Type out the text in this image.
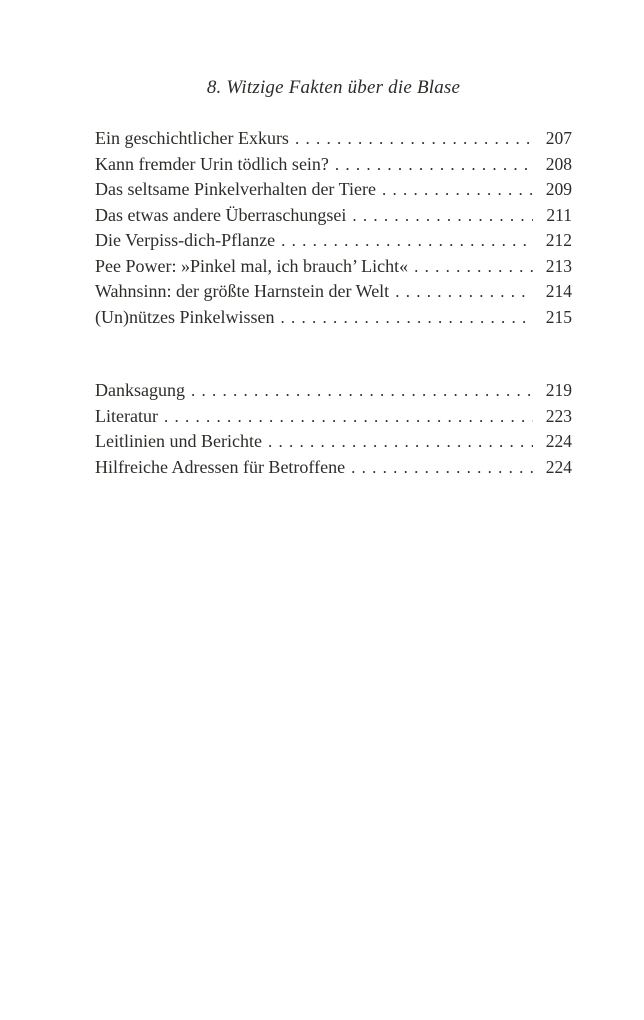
8. Witzige Fakten über die Blase
Ein geschichtlicher Exkurs . . .	207
Kann fremder Urin tödlich sein? . . .	208
Das seltsame Pinkelverhalten der Tiere . . .	209
Das etwas andere Überraschungsei . . .	211
Die Verpiss-dich-Pflanze . . .	212
Pee Power: »Pinkel mal, ich brauch’ Licht« . . .	213
Wahnsinn: der größte Harnstein der Welt . . .	214
(Un)nützes Pinkelwissen . . .	215
Danksagung . . .	219
Literatur . . .	223
Leitlinien und Berichte . . .	224
Hilfreiche Adressen für Betroffene . . .	224
